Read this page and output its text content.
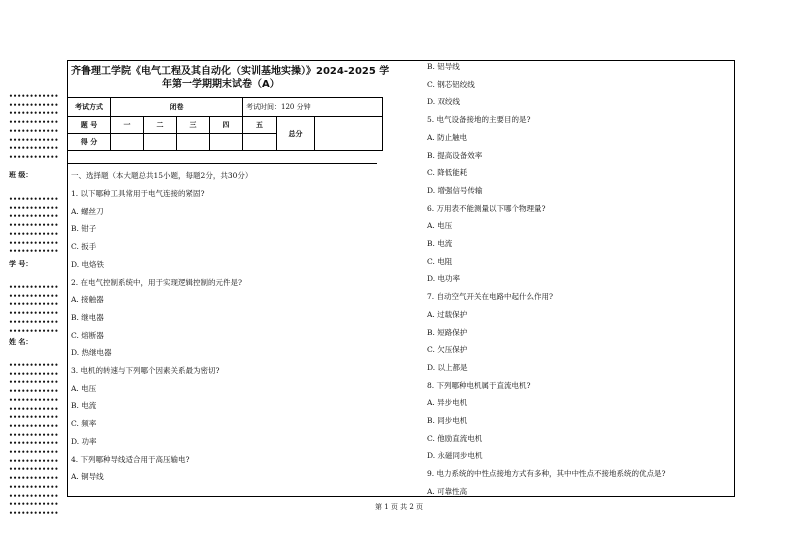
齐鲁理工学院《电气工程及其自动化（实训基地实操）》2024-2025 学
年第一学期期末试卷（A）
考试方式	闭卷				考试时间：120 分钟		
题 号	一	二	三	四	五	总分	
得 分							
一、选择题（本大题总共15小题，每题2分，共30分）
1. 以下哪种工具常用于电气连接的紧固?
A. 螺丝刀
B. 钳子
C. 扳手
D. 电烙铁
2. 在电气控制系统中，用于实现逻辑控制的元件是?
A. 接触器
B. 继电器
C. 熔断器
D. 热继电器
3. 电机的转速与下列哪个因素关系最为密切?
A. 电压
B. 电流
C. 频率
D. 功率
4. 下列哪种导线适合用于高压输电?
A. 铜导线
B. 铝导线
C. 钢芯铝绞线
D. 双绞线
5. 电气设备接地的主要目的是?
A. 防止触电
B. 提高设备效率
C. 降低能耗
D. 增强信号传输
6. 万用表不能测量以下哪个物理量?
A. 电压
B. 电流
C. 电阻
D. 电功率
7. 自动空气开关在电路中起什么作用?
A. 过载保护
B. 短路保护
C. 欠压保护
D. 以上都是
8. 下列哪种电机属于直流电机?
A. 异步电机
B. 同步电机
C. 他励直流电机
D. 永磁同步电机
9. 电力系统的中性点接地方式有多种，其中中性点不接地系统的优点是?
A. 可靠性高
••••••••••••
••••••••••••
••••••••••••
••••••••••••
••••••••••••
••••••••••••
••••••••••••
••••••••••••
••••••••••••
••••••••••••
••••••••••••
••••••••••••
••••••••••••
••••••••••••
••••••••••••
••••••••••••
••••••••••••
••••••••••••
••••••••••••
••••••••••••
••••••••••••
••••••••••••
••••••••••••
••••••••••••
••••••••••••
••••••••••••
••••••••••••
••••••••••••
••••••••••••
••••••••••••
••••••••••••
••••••••••••
••••••••••••
••••••••••••
••••••••••••
••••••••••••
••••••••••••
••••••••••••
••••••••••••
班 级：
学 号：
姓 名：
第 1 页 共 2 页
